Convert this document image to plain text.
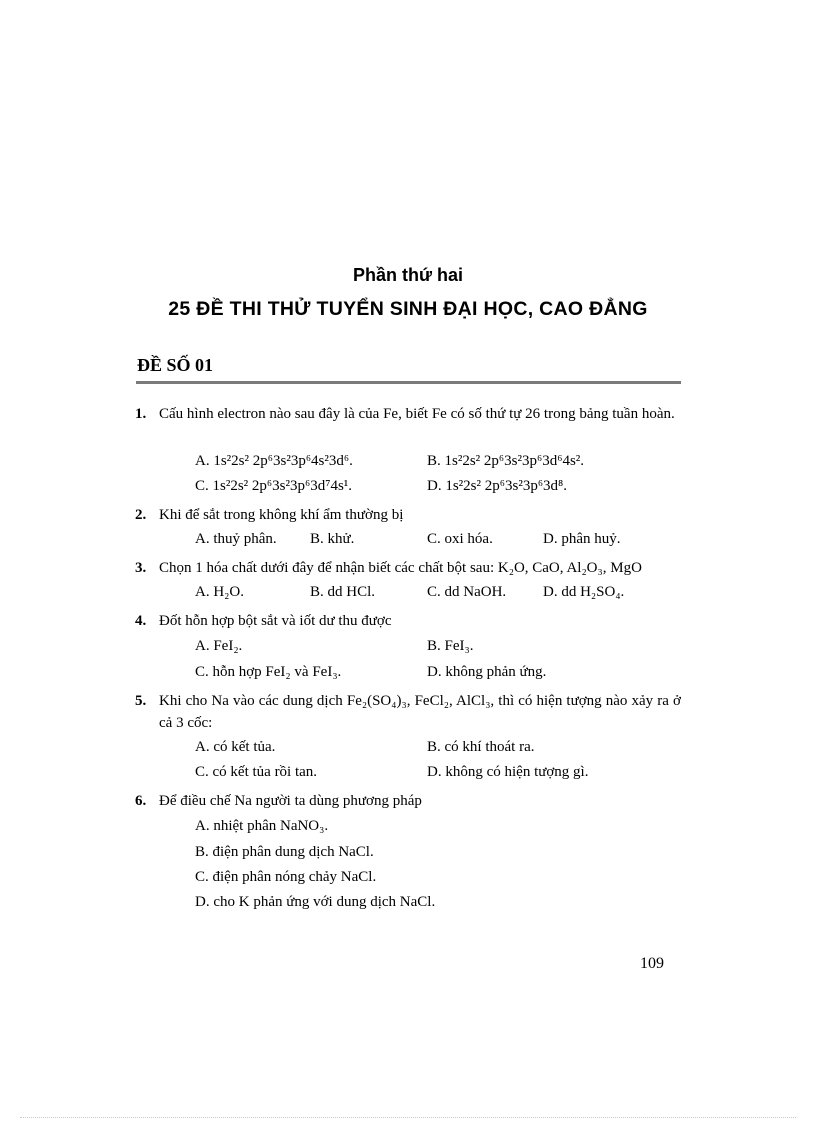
Phần thứ hai
25 ĐỀ THI THỬ TUYỂN SINH ĐẠI HỌC, CAO ĐẲNG
ĐỀ SỐ 01
1. Cấu hình electron nào sau đây là của Fe, biết Fe có số thứ tự 26 trong bảng tuần hoàn.
A. 1s²2s² 2p⁶3s²3p⁶4s²3d⁶.	B. 1s²2s² 2p⁶3s²3p⁶3d⁶4s².
C. 1s²2s² 2p⁶3s²3p⁶3d⁷4s¹.	D. 1s²2s² 2p⁶3s²3p⁶3d⁸.
2. Khi để sắt trong không khí ẩm thường bị
A. thuỷ phân. B. khử.	C. oxi hóa.	D. phân huỷ.
3. Chọn 1 hóa chất dưới đây để nhận biết các chất bột sau: K₂O, CaO, Al₂O₃, MgO
A. H₂O.	B. dd HCl.	C. dd NaOH. D. dd H₂SO₄.
4. Đốt hỗn hợp bột sắt và iốt dư thu được
A. FeI₂.	B. FeI₃.
C. hỗn hợp FeI₂ và FeI₃.	D. không phản ứng.
5. Khi cho Na vào các dung dịch Fe₂(SO₄)₃, FeCl₂, AlCl₃, thì có hiện tượng nào xảy ra ở cả 3 cốc:
A. có kết tủa.	B. có khí thoát ra.
C. có kết tủa rồi tan.	D. không có hiện tượng gì.
6. Để điều chế Na người ta dùng phương pháp
A. nhiệt phân NaNO₃.
B. điện phân dung dịch NaCl.
C. điện phân nóng chảy NaCl.
D. cho K phản ứng với dung dịch NaCl.
109
